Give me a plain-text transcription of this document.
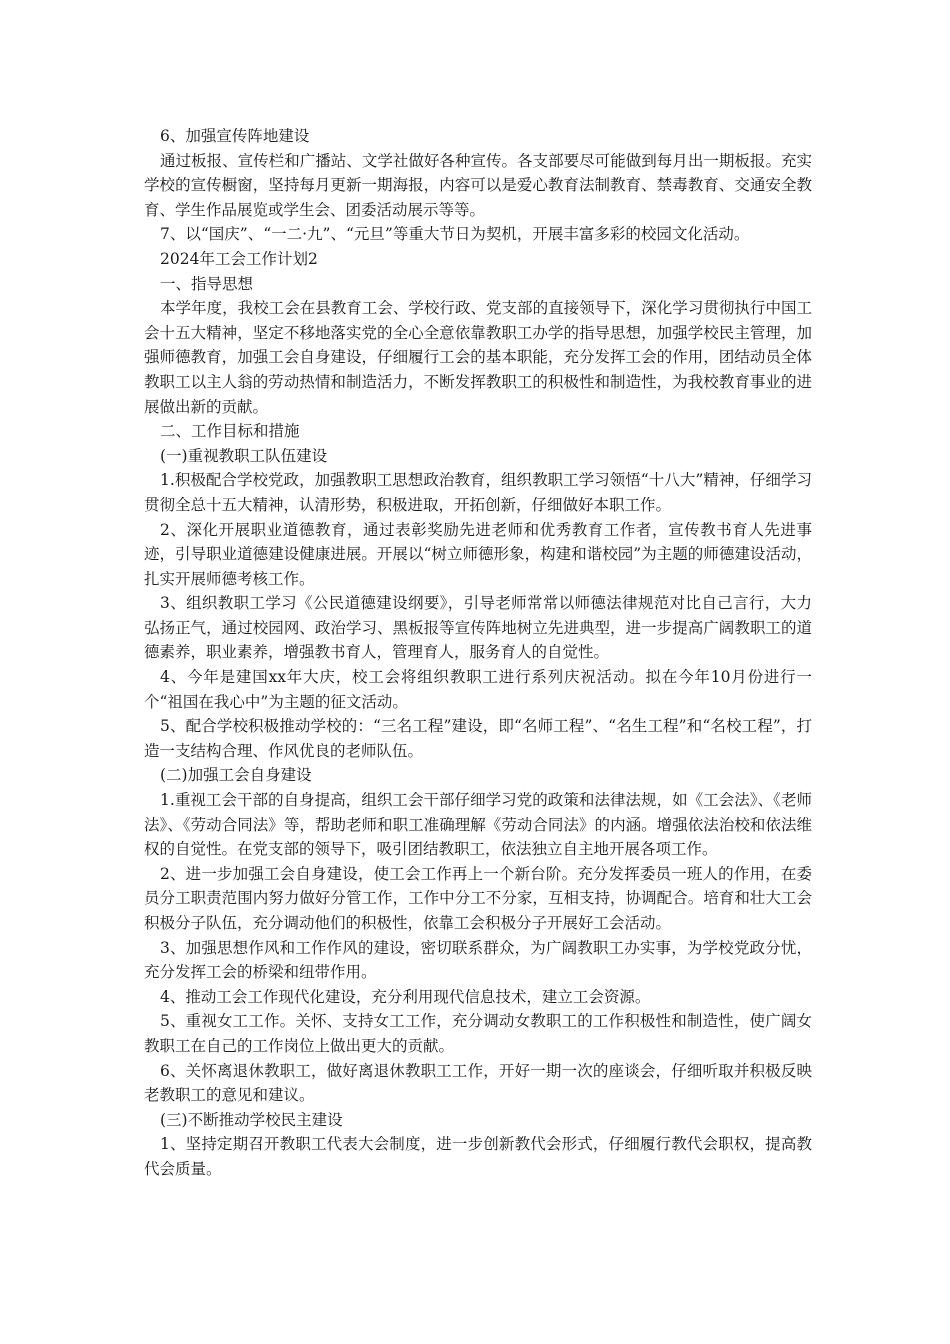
6、加强宣传阵地建设
通过板报、宣传栏和广播站、文学社做好各种宣传。各支部要尽可能做到每月出一期板报。充实学校的宣传橱窗，坚持每月更新一期海报，内容可以是爱心教育法制教育、禁毒教育、交通安全教育、学生作品展览或学生会、团委活动展示等等。
7、以“国庆”、“一二·九”、“元旦”等重大节日为契机，开展丰富多彩的校园文化活动。
2024年工会工作计划2
一、指导思想
本学年度，我校工会在县教育工会、学校行政、党支部的直接领导下，深化学习贯彻执行中国工会十五大精神，坚定不移地落实党的全心全意依靠教职工办学的指导思想，加强学校民主管理，加强师德教育，加强工会自身建设，仔细履行工会的基本职能，充分发挥工会的作用，团结动员全体教职工以主人翁的劳动热情和制造活力，不断发挥教职工的积极性和制造性，为我校教育事业的进展做出新的贡献。
二、工作目标和措施
(一)重视教职工队伍建设
1.积极配合学校党政，加强教职工思想政治教育，组织教职工学习领悟“十八大”精神，仔细学习贯彻全总十五大精神，认清形势，积极进取，开拓创新，仔细做好本职工作。
2、深化开展职业道德教育，通过表彰奖励先进老师和优秀教育工作者，宣传教书育人先进事迹，引导职业道德建设健康进展。开展以“树立师德形象，构建和谐校园”为主题的师德建设活动，扎实开展师德考核工作。
3、组织教职工学习《公民道德建设纲要》，引导老师常常以师德法律规范对比自己言行，大力弘扬正气，通过校园网、政治学习、黑板报等宣传阵地树立先进典型，进一步提高广阔教职工的道德素养，职业素养，增强教书育人，管理育人，服务育人的自觉性。
4、今年是建国xx年大庆，校工会将组织教职工进行系列庆祝活动。拟在今年10月份进行一个“祖国在我心中”为主题的征文活动。
5、配合学校积极推动学校的：“三名工程”建设，即“名师工程”、“名生工程”和“名校工程”，打造一支结构合理、作风优良的老师队伍。
(二)加强工会自身建设
1.重视工会干部的自身提高，组织工会干部仔细学习党的政策和法律法规，如《工会法》、《老师法》、《劳动合同法》等，帮助老师和职工准确理解《劳动合同法》的内涵。增强依法治校和依法维权的自觉性。在党支部的领导下，吸引团结教职工，依法独立自主地开展各项工作。
2、进一步加强工会自身建设，使工会工作再上一个新台阶。充分发挥委员一班人的作用，在委员分工职责范围内努力做好分管工作，工作中分工不分家，互相支持，协调配合。培育和壮大工会积极分子队伍，充分调动他们的积极性，依靠工会积极分子开展好工会活动。
3、加强思想作风和工作作风的建设，密切联系群众，为广阔教职工办实事，为学校党政分忧，充分发挥工会的桥梁和纽带作用。
4、推动工会工作现代化建设，充分利用现代信息技术，建立工会资源。
5、重视女工工作。关怀、支持女工工作，充分调动女教职工的工作积极性和制造性，使广阔女教职工在自己的工作岗位上做出更大的贡献。
6、关怀离退休教职工，做好离退休教职工工作，开好一期一次的座谈会，仔细听取并积极反映老教职工的意见和建议。
(三)不断推动学校民主建设
1、坚持定期召开教职工代表大会制度，进一步创新教代会形式，仔细履行教代会职权，提高教代会质量。
